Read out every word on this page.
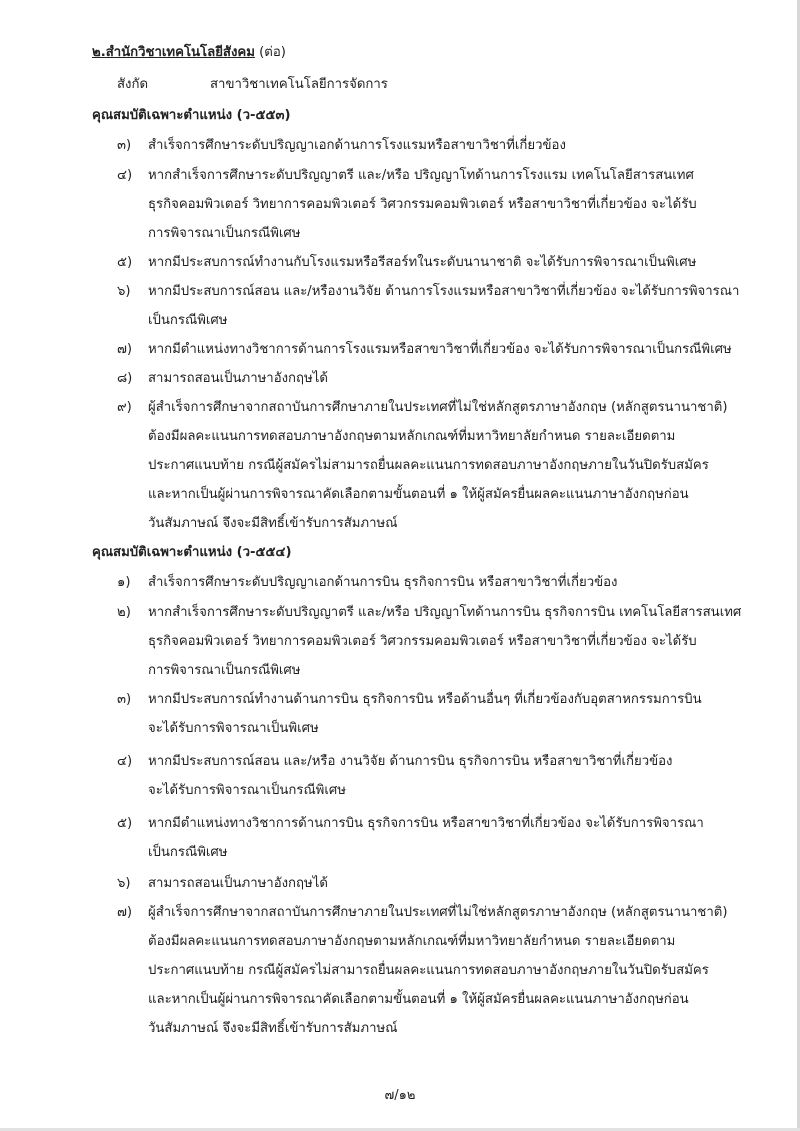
๒.สำนักวิชาเทคโนโลยีสังคม (ต่อ)
สังกัด	สาขาวิชาเทคโนโลยีการจัดการ
คุณสมบัติเฉพาะตำแหน่ง (ว-๕๕๓)
๓) สำเร็จการศึกษาระดับปริญญาเอกด้านการโรงแรมหรือสาขาวิชาที่เกี่ยวข้อง
๔) หากสำเร็จการศึกษาระดับปริญญาตรี และ/หรือ ปริญญาโทด้านการโรงแรม เทคโนโลยีสารสนเทศ
ธุรกิจคอมพิวเตอร์ วิทยาการคอมพิวเตอร์ วิศวกรรมคอมพิวเตอร์ หรือสาขาวิชาที่เกี่ยวข้อง จะได้รับ
การพิจารณาเป็นกรณีพิเศษ
๕) หากมีประสบการณ์ทำงานกับโรงแรมหรือรีสอร์ทในระดับนานาชาติ จะได้รับการพิจารณาเป็นพิเศษ
๖) หากมีประสบการณ์สอน และ/หรืองานวิจัย ด้านการโรงแรมหรือสาขาวิชาที่เกี่ยวข้อง จะได้รับการพิจารณา
เป็นกรณีพิเศษ
๗) หากมีตำแหน่งทางวิชาการด้านการโรงแรมหรือสาขาวิชาที่เกี่ยวข้อง จะได้รับการพิจารณาเป็นกรณีพิเศษ
๘) สามารถสอนเป็นภาษาอังกฤษได้
๙) ผู้สำเร็จการศึกษาจากสถาบันการศึกษาภายในประเทศที่ไม่ใช่หลักสูตรภาษาอังกฤษ (หลักสูตรนานาชาติ)
ต้องมีผลคะแนนการทดสอบภาษาอังกฤษตามหลักเกณฑ์ที่มหาวิทยาลัยกำหนด รายละเอียดตาม
ประกาศแนบท้าย กรณีผู้สมัครไม่สามารถยื่นผลคะแนนการทดสอบภาษาอังกฤษภายในวันปิดรับสมัคร
และหากเป็นผู้ผ่านการพิจารณาคัดเลือกตามขั้นตอนที่ ๑ ให้ผู้สมัครยื่นผลคะแนนภาษาอังกฤษก่อน
วันสัมภาษณ์ จึงจะมีสิทธิ์เข้ารับการสัมภาษณ์
คุณสมบัติเฉพาะตำแหน่ง (ว-๕๕๔)
๑) สำเร็จการศึกษาระดับปริญญาเอกด้านการบิน ธุรกิจการบิน หรือสาขาวิชาที่เกี่ยวข้อง
๒) หากสำเร็จการศึกษาระดับปริญญาตรี และ/หรือ ปริญญาโทด้านการบิน ธุรกิจการบิน เทคโนโลยีสารสนเทศ
ธุรกิจคอมพิวเตอร์ วิทยาการคอมพิวเตอร์ วิศวกรรมคอมพิวเตอร์ หรือสาขาวิชาที่เกี่ยวข้อง จะได้รับ
การพิจารณาเป็นกรณีพิเศษ
๓) หากมีประสบการณ์ทำงานด้านการบิน ธุรกิจการบิน หรือด้านอื่นๆ ที่เกี่ยวข้องกับอุตสาหกรรมการบิน
จะได้รับการพิจารณาเป็นพิเศษ
๔) หากมีประสบการณ์สอน และ/หรือ งานวิจัย ด้านการบิน ธุรกิจการบิน หรือสาขาวิชาที่เกี่ยวข้อง
จะได้รับการพิจารณาเป็นกรณีพิเศษ
๕) หากมีตำแหน่งทางวิชาการด้านการบิน ธุรกิจการบิน หรือสาขาวิชาที่เกี่ยวข้อง จะได้รับการพิจารณา
เป็นกรณีพิเศษ
๖) สามารถสอนเป็นภาษาอังกฤษได้
๗) ผู้สำเร็จการศึกษาจากสถาบันการศึกษาภายในประเทศที่ไม่ใช่หลักสูตรภาษาอังกฤษ (หลักสูตรนานาชาติ)
ต้องมีผลคะแนนการทดสอบภาษาอังกฤษตามหลักเกณฑ์ที่มหาวิทยาลัยกำหนด รายละเอียดตาม
ประกาศแนบท้าย กรณีผู้สมัครไม่สามารถยื่นผลคะแนนการทดสอบภาษาอังกฤษภายในวันปิดรับสมัคร
และหากเป็นผู้ผ่านการพิจารณาคัดเลือกตามขั้นตอนที่ ๑ ให้ผู้สมัครยื่นผลคะแนนภาษาอังกฤษก่อน
วันสัมภาษณ์ จึงจะมีสิทธิ์เข้ารับการสัมภาษณ์
๗/๑๒
